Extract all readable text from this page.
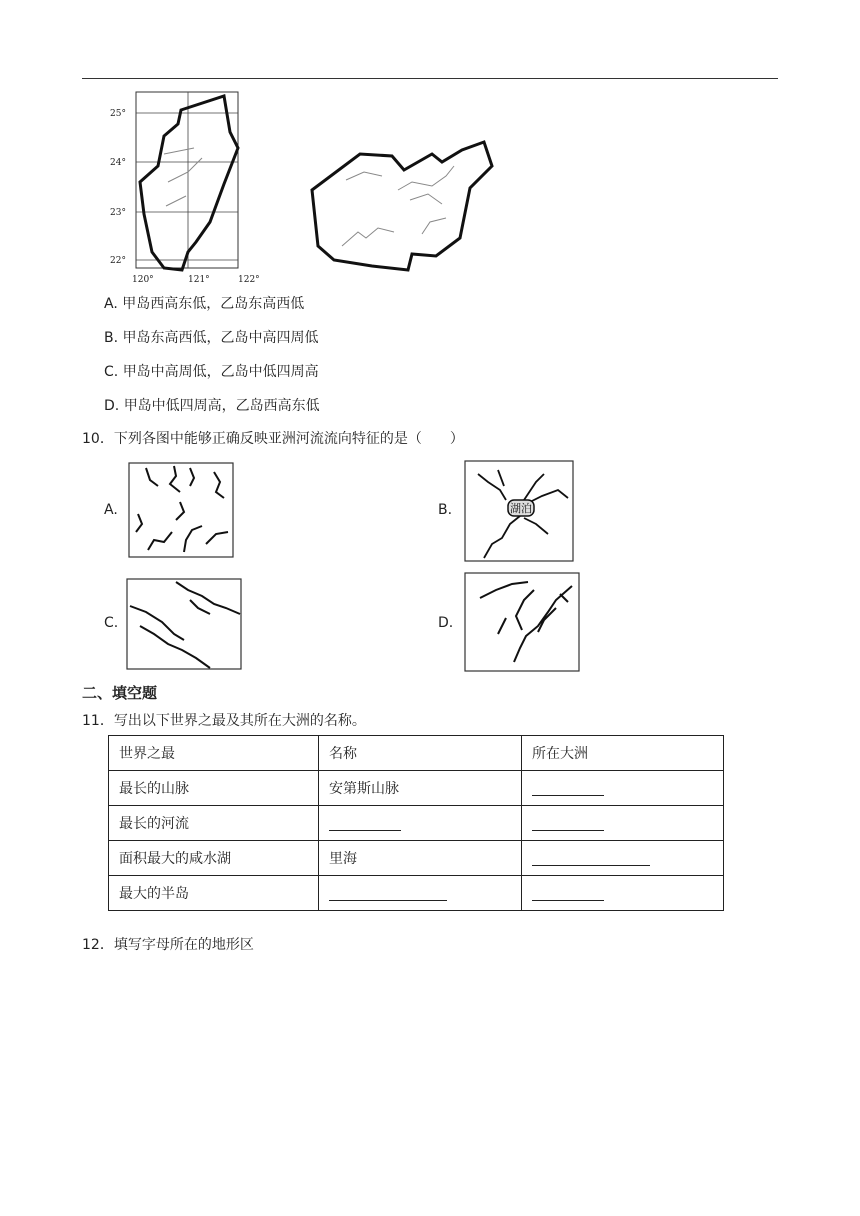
25°
24°
23°
22°
120°	121°	122°
A. 甲岛西高东低，乙岛东高西低
B. 甲岛东高西低，乙岛中高四周低
C. 甲岛中高周低，乙岛中低四周高
D. 甲岛中低四周高，乙岛西高东低
10．下列各图中能够正确反映亚洲河流流向特征的是（　　）
A.	B.	湖泊
C.	D.
二、填空题
11．写出以下世界之最及其所在大洲的名称。
世界之最	名称	所在大洲
最长的山脉	安第斯山脉	
最长的河流		
面积最大的咸水湖	里海	
最大的半岛		
12．填写字母所在的地形区
